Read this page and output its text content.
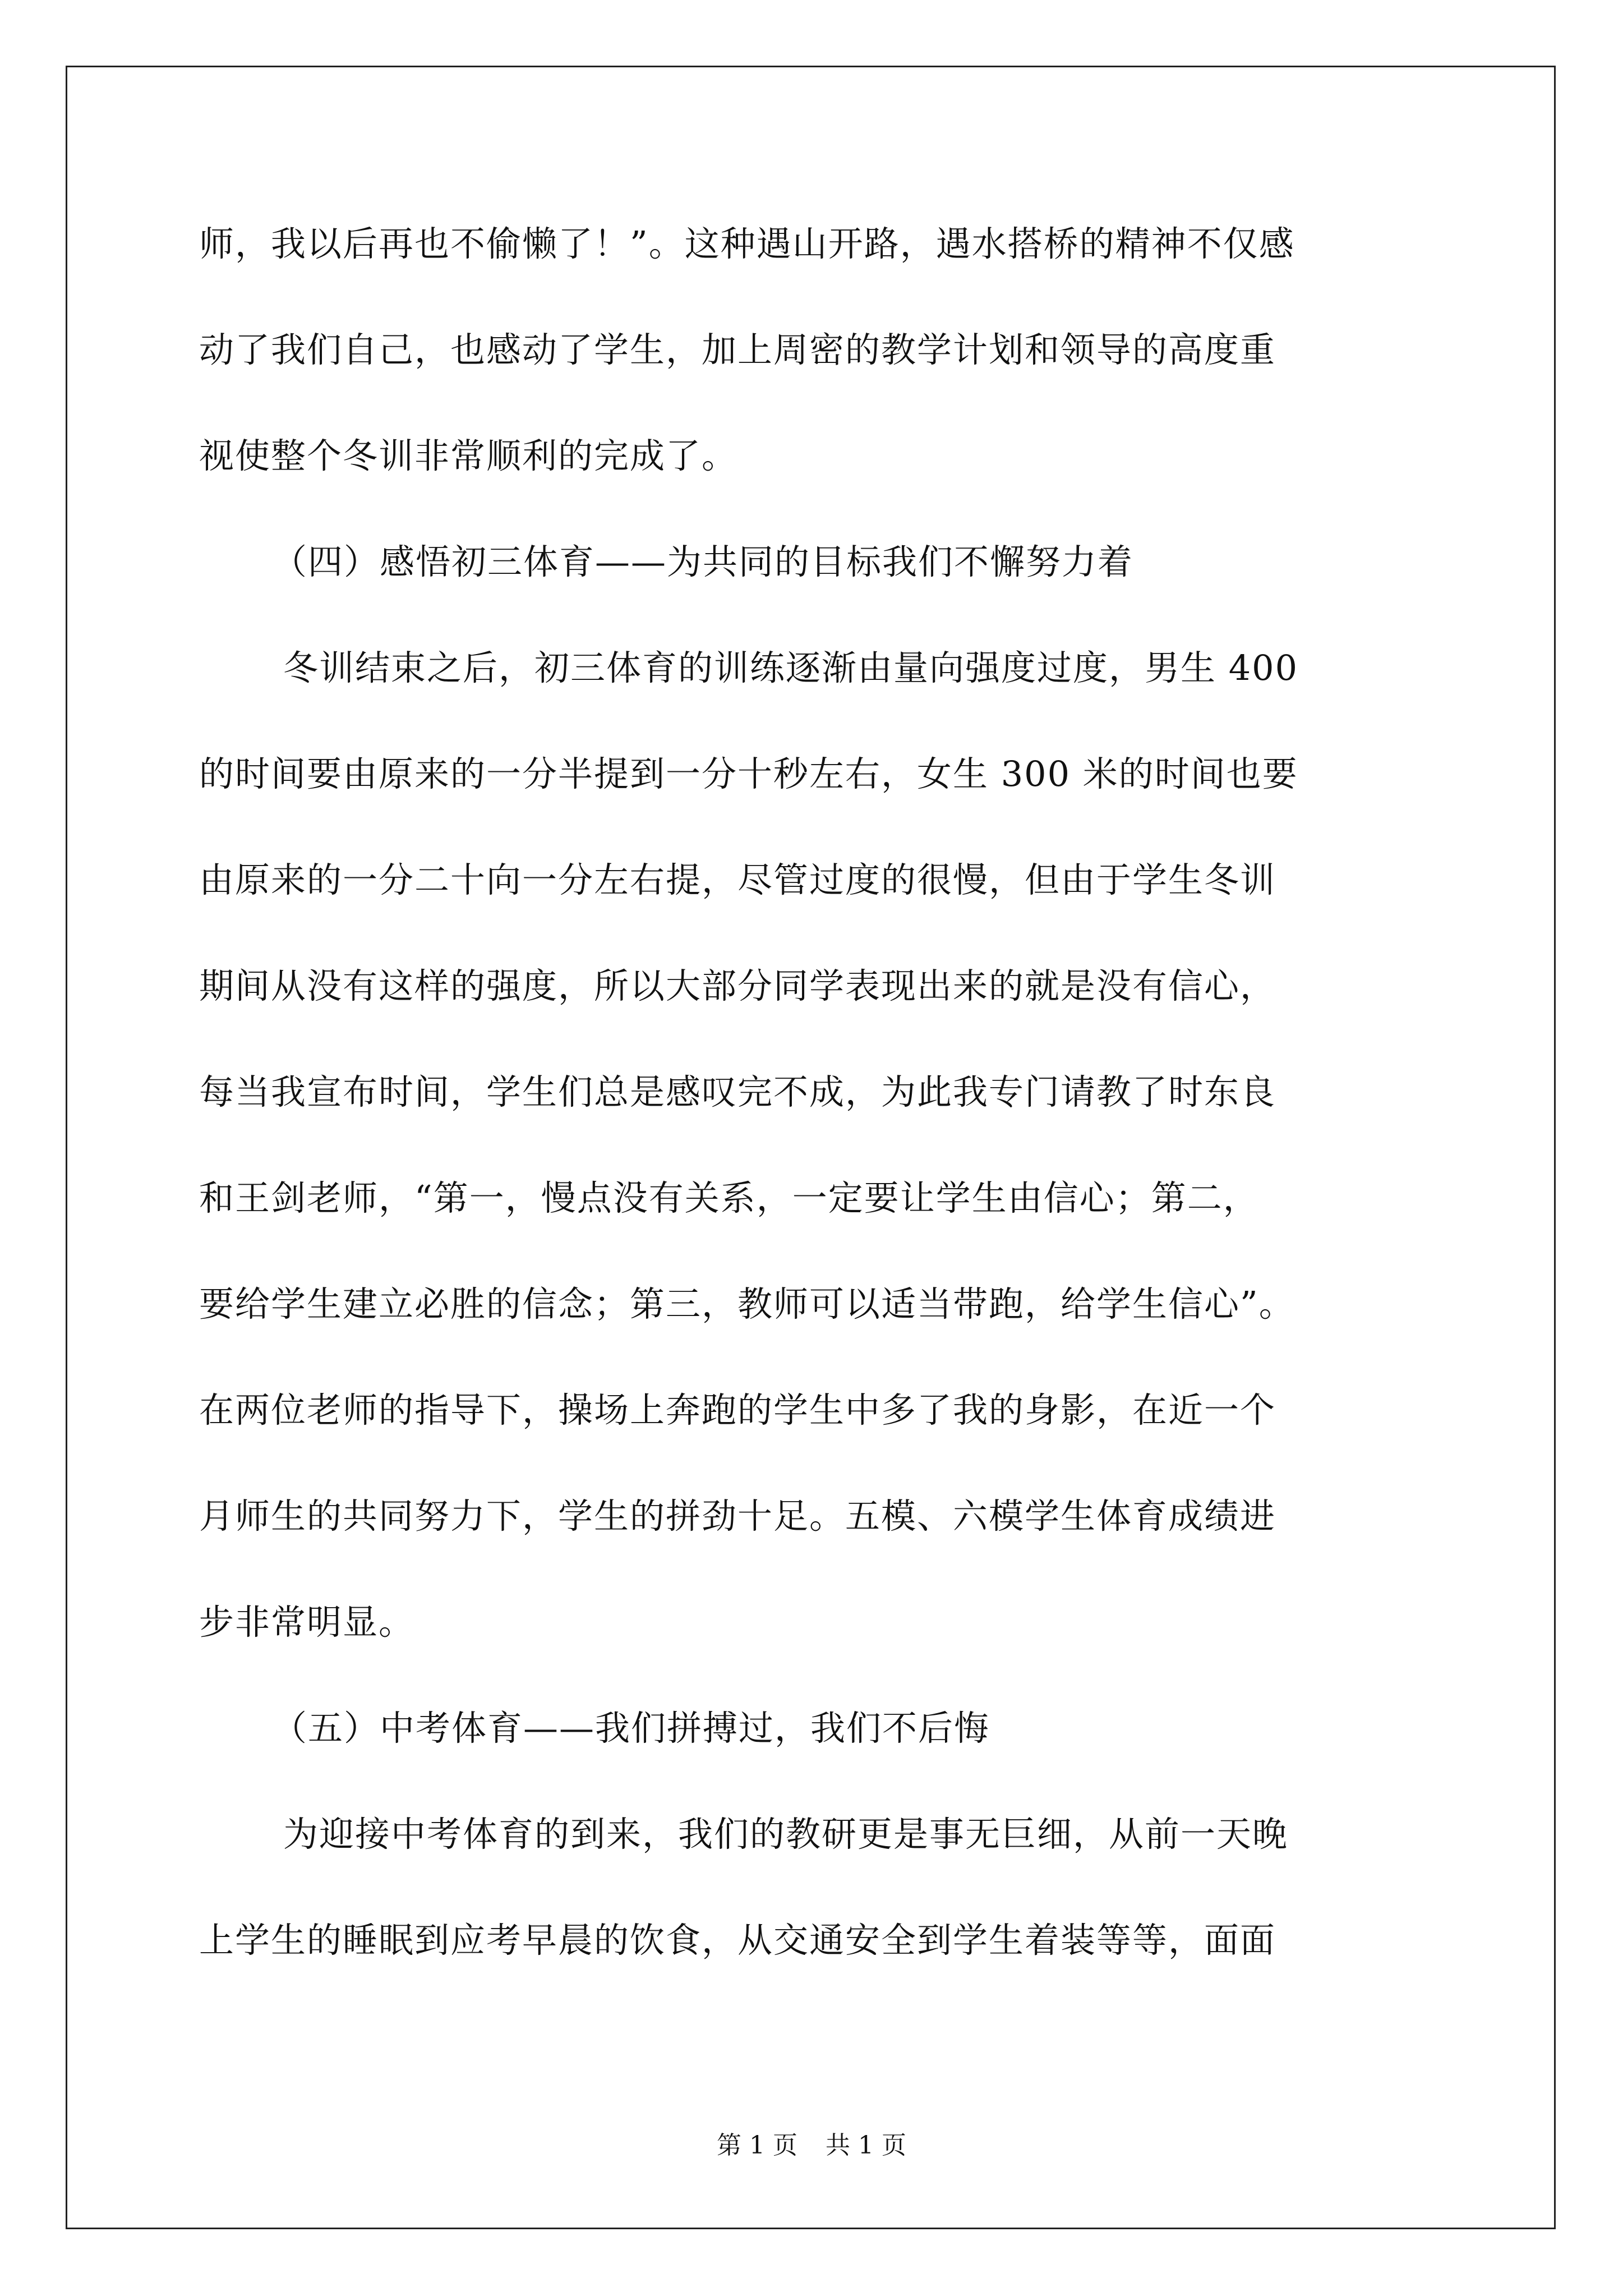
师，我以后再也不偷懒了！”。这种遇山开路，遇水搭桥的精神不仅感
动了我们自己，也感动了学生，加上周密的教学计划和领导的高度重
视使整个冬训非常顺利的完成了。
（四）感悟初三体育——为共同的目标我们不懈努力着
冬训结束之后，初三体育的训练逐渐由量向强度过度，男生 400
的时间要由原来的一分半提到一分十秒左右，女生 300 米的时间也要
由原来的一分二十向一分左右提，尽管过度的很慢，但由于学生冬训
期间从没有这样的强度，所以大部分同学表现出来的就是没有信心，
每当我宣布时间，学生们总是感叹完不成，为此我专门请教了时东良
和王剑老师，“第一，慢点没有关系，一定要让学生由信心；第二，
要给学生建立必胜的信念；第三，教师可以适当带跑，给学生信心”。
在两位老师的指导下，操场上奔跑的学生中多了我的身影，在近一个
月师生的共同努力下，学生的拼劲十足。五模、六模学生体育成绩进
步非常明显。
（五）中考体育——我们拼搏过，我们不后悔
为迎接中考体育的到来，我们的教研更是事无巨细，从前一天晚
上学生的睡眠到应考早晨的饮食，从交通安全到学生着装等等，面面
第 1 页 共 1 页
